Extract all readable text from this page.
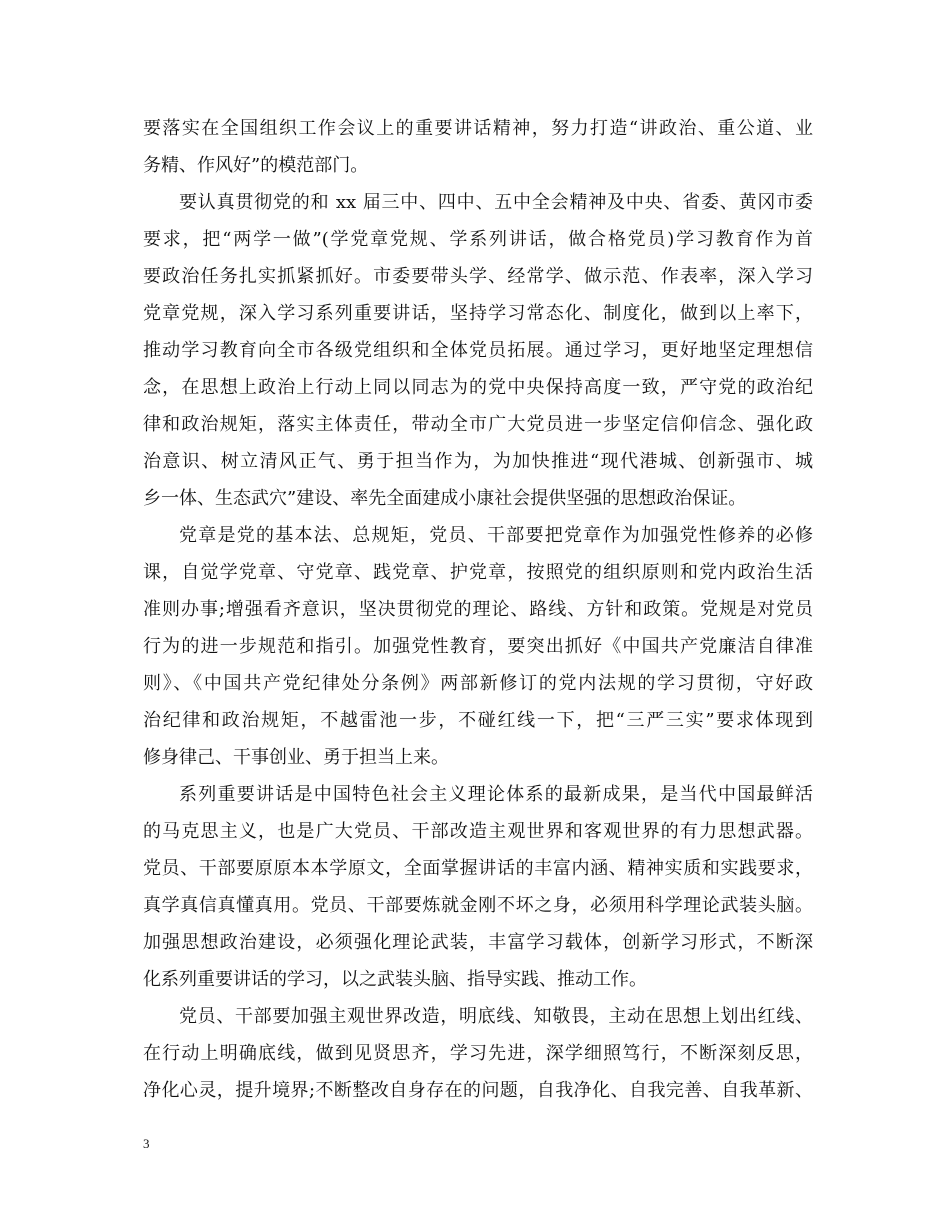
要落实在全国组织工作会议上的重要讲话精神，努力打造“讲政治、重公道、业
务精、作风好”的模范部门。
要认真贯彻党的和 xx 届三中、四中、五中全会精神及中央、省委、黄冈市委
要求，把“两学一做”(学党章党规、学系列讲话，做合格党员)学习教育作为首
要政治任务扎实抓紧抓好。市委要带头学、经常学、做示范、作表率，深入学习
党章党规，深入学习系列重要讲话，坚持学习常态化、制度化，做到以上率下，
推动学习教育向全市各级党组织和全体党员拓展。通过学习，更好地坚定理想信
念，在思想上政治上行动上同以同志为的党中央保持高度一致，严守党的政治纪
律和政治规矩，落实主体责任，带动全市广大党员进一步坚定信仰信念、强化政
治意识、树立清风正气、勇于担当作为，为加快推进“现代港城、创新强市、城
乡一体、生态武穴”建设、率先全面建成小康社会提供坚强的思想政治保证。
党章是党的基本法、总规矩，党员、干部要把党章作为加强党性修养的必修
课，自觉学党章、守党章、践党章、护党章，按照党的组织原则和党内政治生活
准则办事;增强看齐意识，坚决贯彻党的理论、路线、方针和政策。党规是对党员
行为的进一步规范和指引。加强党性教育，要突出抓好《中国共产党廉洁自律准
则》、《中国共产党纪律处分条例》两部新修订的党内法规的学习贯彻，守好政
治纪律和政治规矩，不越雷池一步，不碰红线一下，把“三严三实”要求体现到
修身律己、干事创业、勇于担当上来。
系列重要讲话是中国特色社会主义理论体系的最新成果，是当代中国最鲜活
的马克思主义，也是广大党员、干部改造主观世界和客观世界的有力思想武器。
党员、干部要原原本本学原文，全面掌握讲话的丰富内涵、精神实质和实践要求，
真学真信真懂真用。党员、干部要炼就金刚不坏之身，必须用科学理论武装头脑。
加强思想政治建设，必须强化理论武装，丰富学习载体，创新学习形式，不断深
化系列重要讲话的学习，以之武装头脑、指导实践、推动工作。
党员、干部要加强主观世界改造，明底线、知敬畏，主动在思想上划出红线、
在行动上明确底线，做到见贤思齐，学习先进，深学细照笃行，不断深刻反思，
净化心灵，提升境界;不断整改自身存在的问题，自我净化、自我完善、自我革新、
3
